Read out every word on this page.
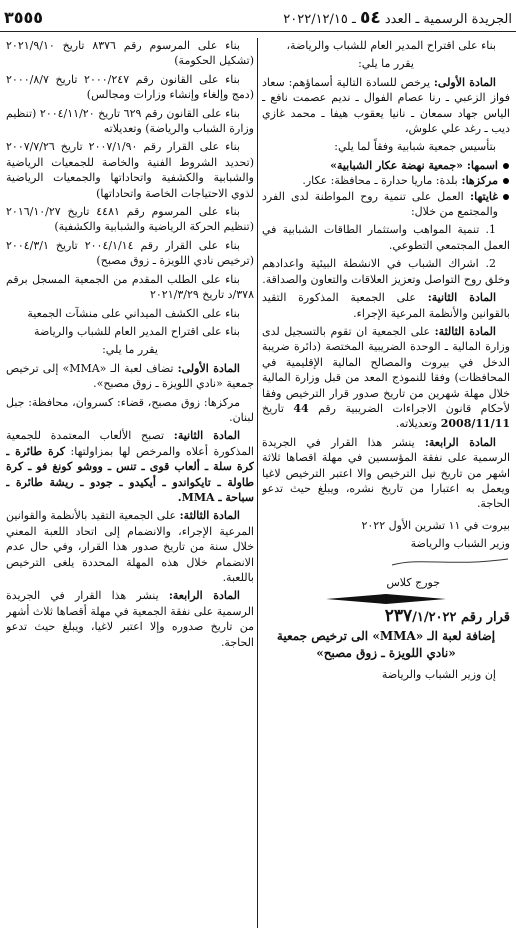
الجريدة الرسمية ـ العدد ٥٤ ـ ٢٠٢٢/١٢/١٥
٣٥٥٥

بناء على اقتراح المدير العام للشباب والرياضة،

يقرر ما يلي:

المادة الأولى: يرخص للسادة التالية أسماؤهم: سعاد فواز الزعبي ـ رنا عصام الفوال ـ نديم عصمت نافع ـ الياس جهاد سمعان ـ نانيا يعقوب هيفا ـ محمد غازي ديب ـ رغد علي علوش،

بتأسيس جمعية شبابية وفقاً لما يلي:

اسمها: «جمعية نهضة عكار الشبابية»
مركزها: بلدة: ماريا حدارة ـ محافظة: عكار.
غايتها: العمل على تنمية روح المواطنة لدى الفرد والمجتمع من خلال:

1. تنمية المواهب واستثمار الطاقات الشبابية في العمل المجتمعي التطوعي.

2. اشراك الشباب في الانشطة البيئية واعدادهم وخلق روح التواصل وتعزيز العلاقات والتعاون والصداقة.

المادة الثانية: على الجمعية المذكورة التقيد بالقوانين والأنظمة المرعية الإجراء.

المادة الثالثة: على الجمعية ان تقوم بالتسجيل لدى وزارة المالية ـ الوحدة الضريبية المختصة (دائرة ضريبة الدخل في بيروت والمصالح المالية الإقليمية في المحافظات) وفقا للنموذج المعد من قبل وزارة المالية خلال مهلة شهرين من تاريخ صدور قرار الترخيص وفقا لأحكام قانون الاجراءات الضريبية رقم 44 تاريخ 2008/11/11 وتعديلاته.

المادة الرابعة: ينشر هذا القرار في الجريدة الرسمية على نفقة المؤسسين في مهلة اقصاها ثلاثة اشهر من تاريخ نيل الترخيص والا اعتبر الترخيص لاغيا ويعمل به اعتبارا من تاريخ نشره، ويبلغ حيث تدعو الحاجة.

بيروت في ١١ تشرين الأول ٢٠٢٢

وزير الشباب والرياضة

جورج كلاس

قرار رقم ٢٣٧/١/٢٠٢٢

إضافة لعبة الـ «MMA» الى ترخيص جمعية «نادي اللويزة ـ زوق مصبح»

إن وزير الشباب والرياضة

بناء على المرسوم رقم ٨٣٧٦ تاريخ ٢٠٢١/٩/١٠ (تشكيل الحكومة)

بناء على القانون رقم ٢٠٠٠/٢٤٧ تاريخ ٢٠٠٠/٨/٧ (دمج وإلغاء وإنشاء وزارات ومجالس)

بناء على القانون رقم ٦٢٩ تاريخ ٢٠٠٤/١١/٢٠ (تنظيم وزارة الشباب والرياضة) وتعديلاته

بناء على القرار رقم ٢٠٠٧/١/٩٠ تاريخ ٢٠٠٧/٧/٢٦ (تحديد الشروط الفنية والخاصة للجمعيات الرياضية والشبابية والكشفية واتحاداتها والجمعيات الرياضية لذوي الاحتياجات الخاصة واتحاداتها)

بناء على المرسوم رقم ٤٤٨١ تاريخ ٢٠١٦/١٠/٢٧ (تنظيم الحركة الرياضية والشبابية والكشفية)

بناء على القرار رقم ٢٠٠٤/١/١٤ تاريخ ٢٠٠٤/٣/١ (ترخيص نادي اللويزة ـ زوق مصبح)

بناء على الطلب المقدم من الجمعية المسجل برقم ٣٧٨/د تاريخ ٢٠٢١/٣/٢٩

بناء على الكشف الميداني على منشآت الجمعية

بناء على اقتراح المدير العام للشباب والرياضة

يقرر ما يلي:

المادة الأولى: تضاف لعبة الـ «MMA» إلى ترخيص جمعية «نادي اللويزة ـ زوق مصبح».

مركزها: زوق مصبح، قضاء: كسروان، محافظة: جبل لبنان.

المادة الثانية: تصبح الألعاب المعتمدة للجمعية المذكورة أعلاه والمرخص لها بمزاولتها: كرة طائرة ـ كرة سلة ـ ألعاب قوى ـ تنس ـ ووشو كونغ فو ـ كرة طاولة ـ تايكواندو ـ أيكيدو ـ جودو ـ ريشة طائرة ـ سباحة ـ MMA.

المادة الثالثة: على الجمعية التقيد بالأنظمة والقوانين المرعية الإجراء، والانضمام إلى اتحاد اللعبة المعني خلال سنة من تاريخ صدور هذا القرار، وفي حال عدم الانضمام خلال هذه المهلة المحددة يلغى الترخيص باللعبة.

المادة الرابعة: ينشر هذا القرار في الجريدة الرسمية على نفقة الجمعية في مهلة أقصاها ثلاث أشهر من تاريخ صدوره وإلا اعتبر لاغيا، ويبلغ حيث تدعو الحاجة.
